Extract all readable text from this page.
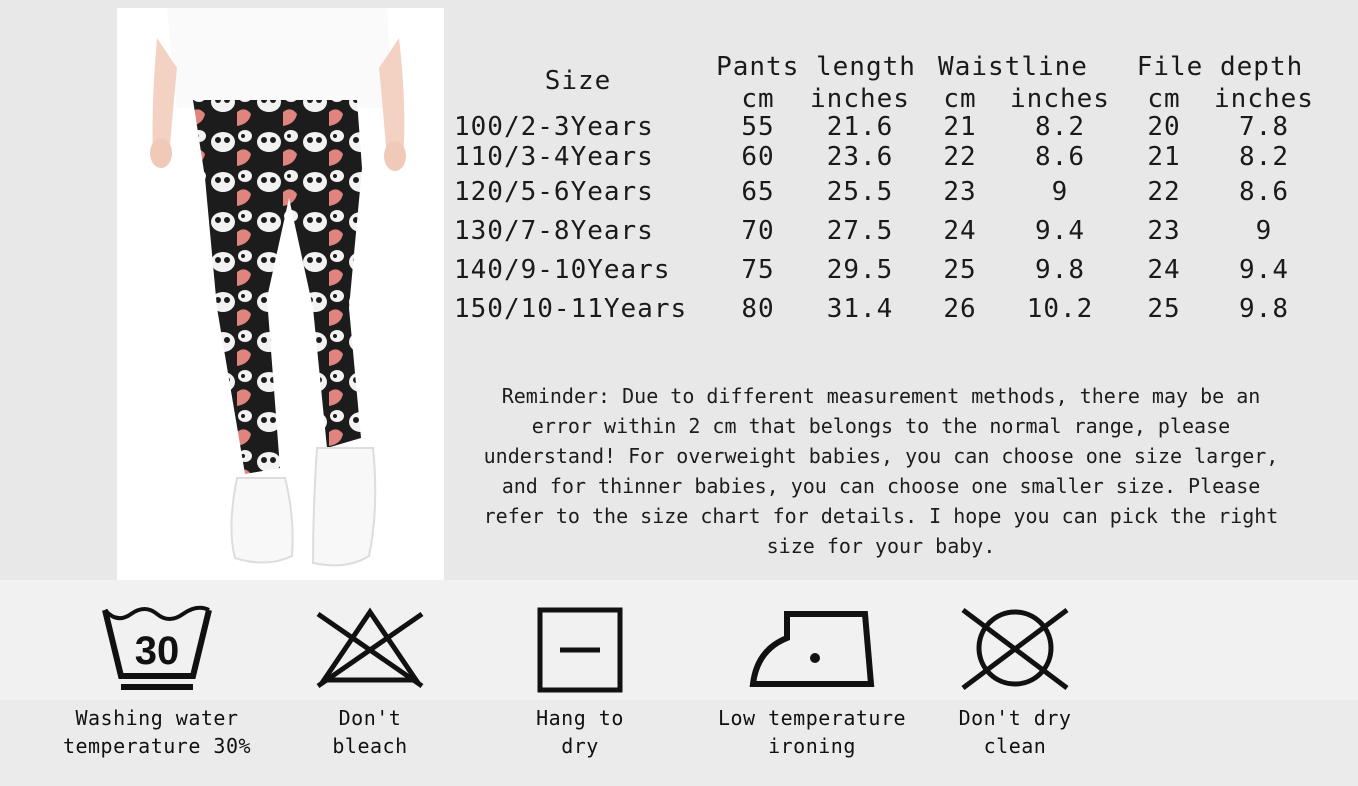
Size	Pants length Waistline	File depth
cm	inches	cm	inches	cm	inches
100/2-3Years	55	21.6	21	8.2	20	7.8
110/3-4Years	60	23.6	22	8.6	21	8.2
120/5-6Years	65	25.5	23	9	22	8.6
130/7-8Years	70	27.5	24	9.4	23	9
140/9-10Years	75	29.5	25	9.8	24	9.4
150/10-11Years	80	31.4	26	10.2	25	9.8
Reminder: Due to different measurement methods, there may be an
error within 2 cm that belongs to the normal range, please
understand! For overweight babies, you can choose one size larger,
and for thinner babies, you can choose one smaller size. Please
refer to the size chart for details. I hope you can pick the right
size for your baby.
30
Washing water
temperature 30%
Don't
bleach
Hang to
dry
Low temperature
ironing
Don't dry
clean
